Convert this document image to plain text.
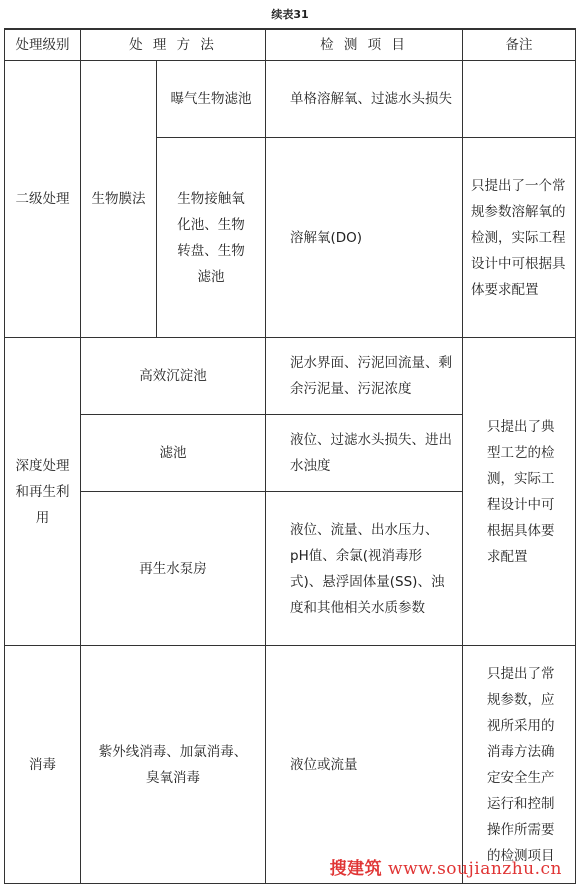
续表31
处理级别	处 理 方 法		检 测 项 目	备注
二级处理	生物膜法	曝气生物滤池	单格溶解氧、过滤水头损失	
		生物接触氧化池、生物转盘、生物滤池	溶解氧(DO)	只提出了一个常规参数溶解氧的检测，实际工程设计中可根据具体要求配置
深度处理和再生利用	高效沉淀池		泥水界面、污泥回流量、剩余污泥量、污泥浓度	只提出了典型工艺的检测，实际工程设计中可根据具体要求配置
	滤池		液位、过滤水头损失、进出水浊度	
	再生水泵房		液位、流量、出水压力、pH值、余氯(视消毒形式)、悬浮固体量(SS)、浊度和其他相关水质参数	
消毒	紫外线消毒、加氯消毒、臭氧消毒		液位或流量	只提出了常规参数，应视所采用的消毒方法确定安全生产运行和控制操作所需要的检测项目
搜建筑 www.soujianzhu.cn
